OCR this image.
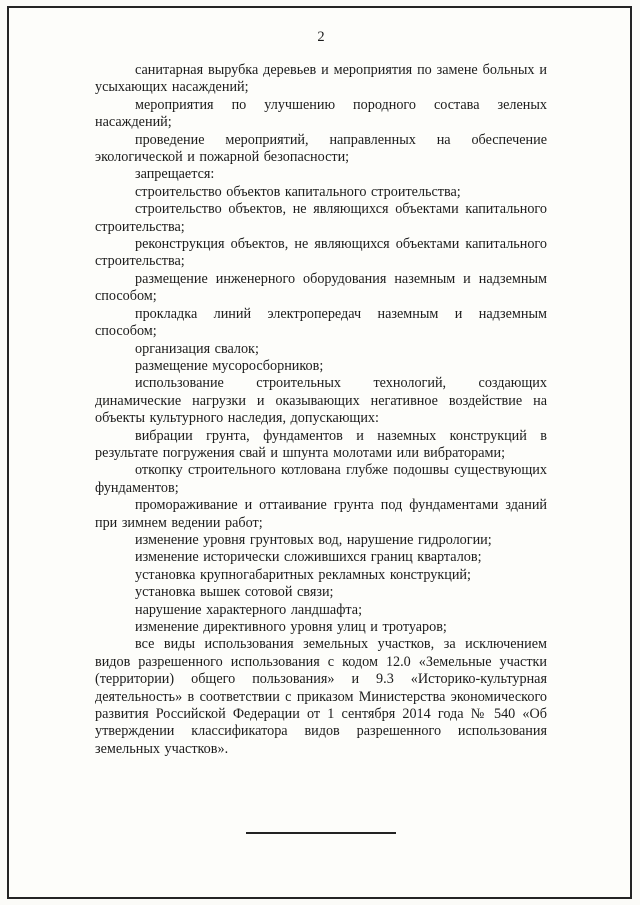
2

санитарная вырубка деревьев и мероприятия по замене больных и усыхающих насаждений;

мероприятия по улучшению породного состава зеленых насаждений;

проведение мероприятий, направленных на обеспечение экологической и пожарной безопасности;

запрещается:

строительство объектов капитального строительства;

строительство объектов, не являющихся объектами капитального строительства;

реконструкция объектов, не являющихся объектами капитального строительства;

размещение инженерного оборудования наземным и надземным способом;

прокладка линий электропередач наземным и надземным способом;

организация свалок;

размещение мусоросборников;

использование строительных технологий, создающих динамические нагрузки и оказывающих негативное воздействие на объекты культурного наследия, допускающих:

вибрации грунта, фундаментов и наземных конструкций в результате погружения свай и шпунта молотами или вибраторами;

откопку строительного котлована глубже подошвы существующих фундаментов;

промораживание и оттаивание грунта под фундаментами зданий при зимнем ведении работ;

изменение уровня грунтовых вод, нарушение гидрологии;

изменение исторически сложившихся границ кварталов;

установка крупногабаритных рекламных конструкций;

установка вышек сотовой связи;

нарушение характерного ландшафта;

изменение директивного уровня улиц и тротуаров;

все виды использования земельных участков, за исключением видов разрешенного использования с кодом 12.0 «Земельные участки (территории) общего пользования» и 9.3 «Историко-культурная деятельность» в соответствии с приказом Министерства экономического развития Российской Федерации от 1 сентября 2014 года № 540 «Об утверждении классификатора видов разрешенного использования земельных участков».
